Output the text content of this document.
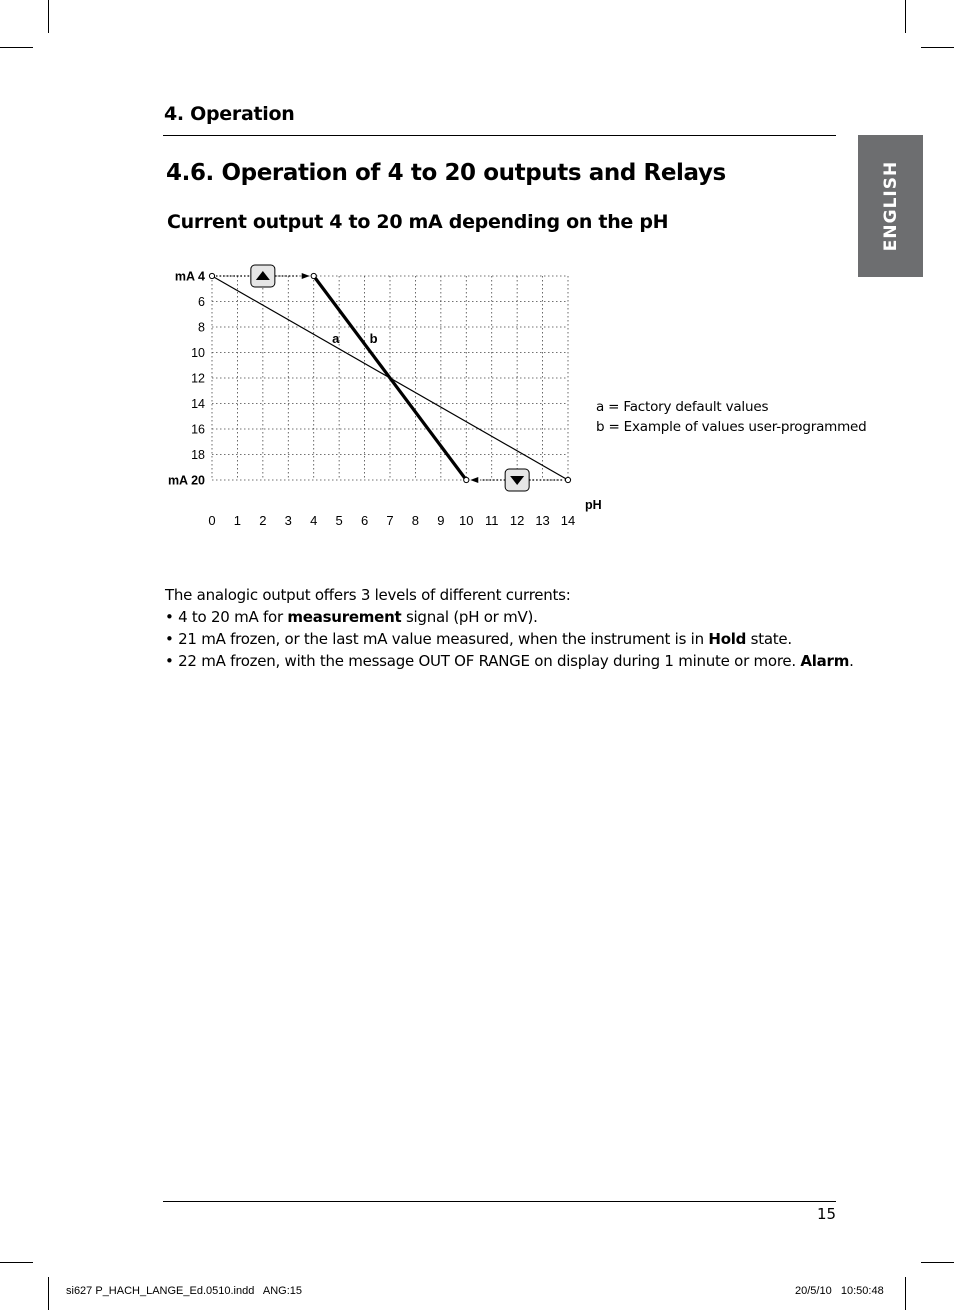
4. Operation
ENGLISH
4.6. Operation of 4 to 20 outputs and Relays
Current output 4 to 20 mA depending on the pH
0 1 2 3 4 5 6 7 8 9 10 11 12 13 14
mA 4
6
8
10
12
14
16
18
mA 20
pH
a b
a = Factory default values
b = Example of values user-programmed
The analogic output offers 3 levels of different currents:
• 4 to 20 mA for measurement signal (pH or mV).
• 21 mA frozen, or the last mA value measured, when the instrument is in Hold state.
• 22 mA frozen, with the message OUT OF RANGE on display during 1 minute or more. Alarm.
15
si627 P_HACH_LANGE_Ed.0510.indd   ANG:15	20/5/10   10:50:48
